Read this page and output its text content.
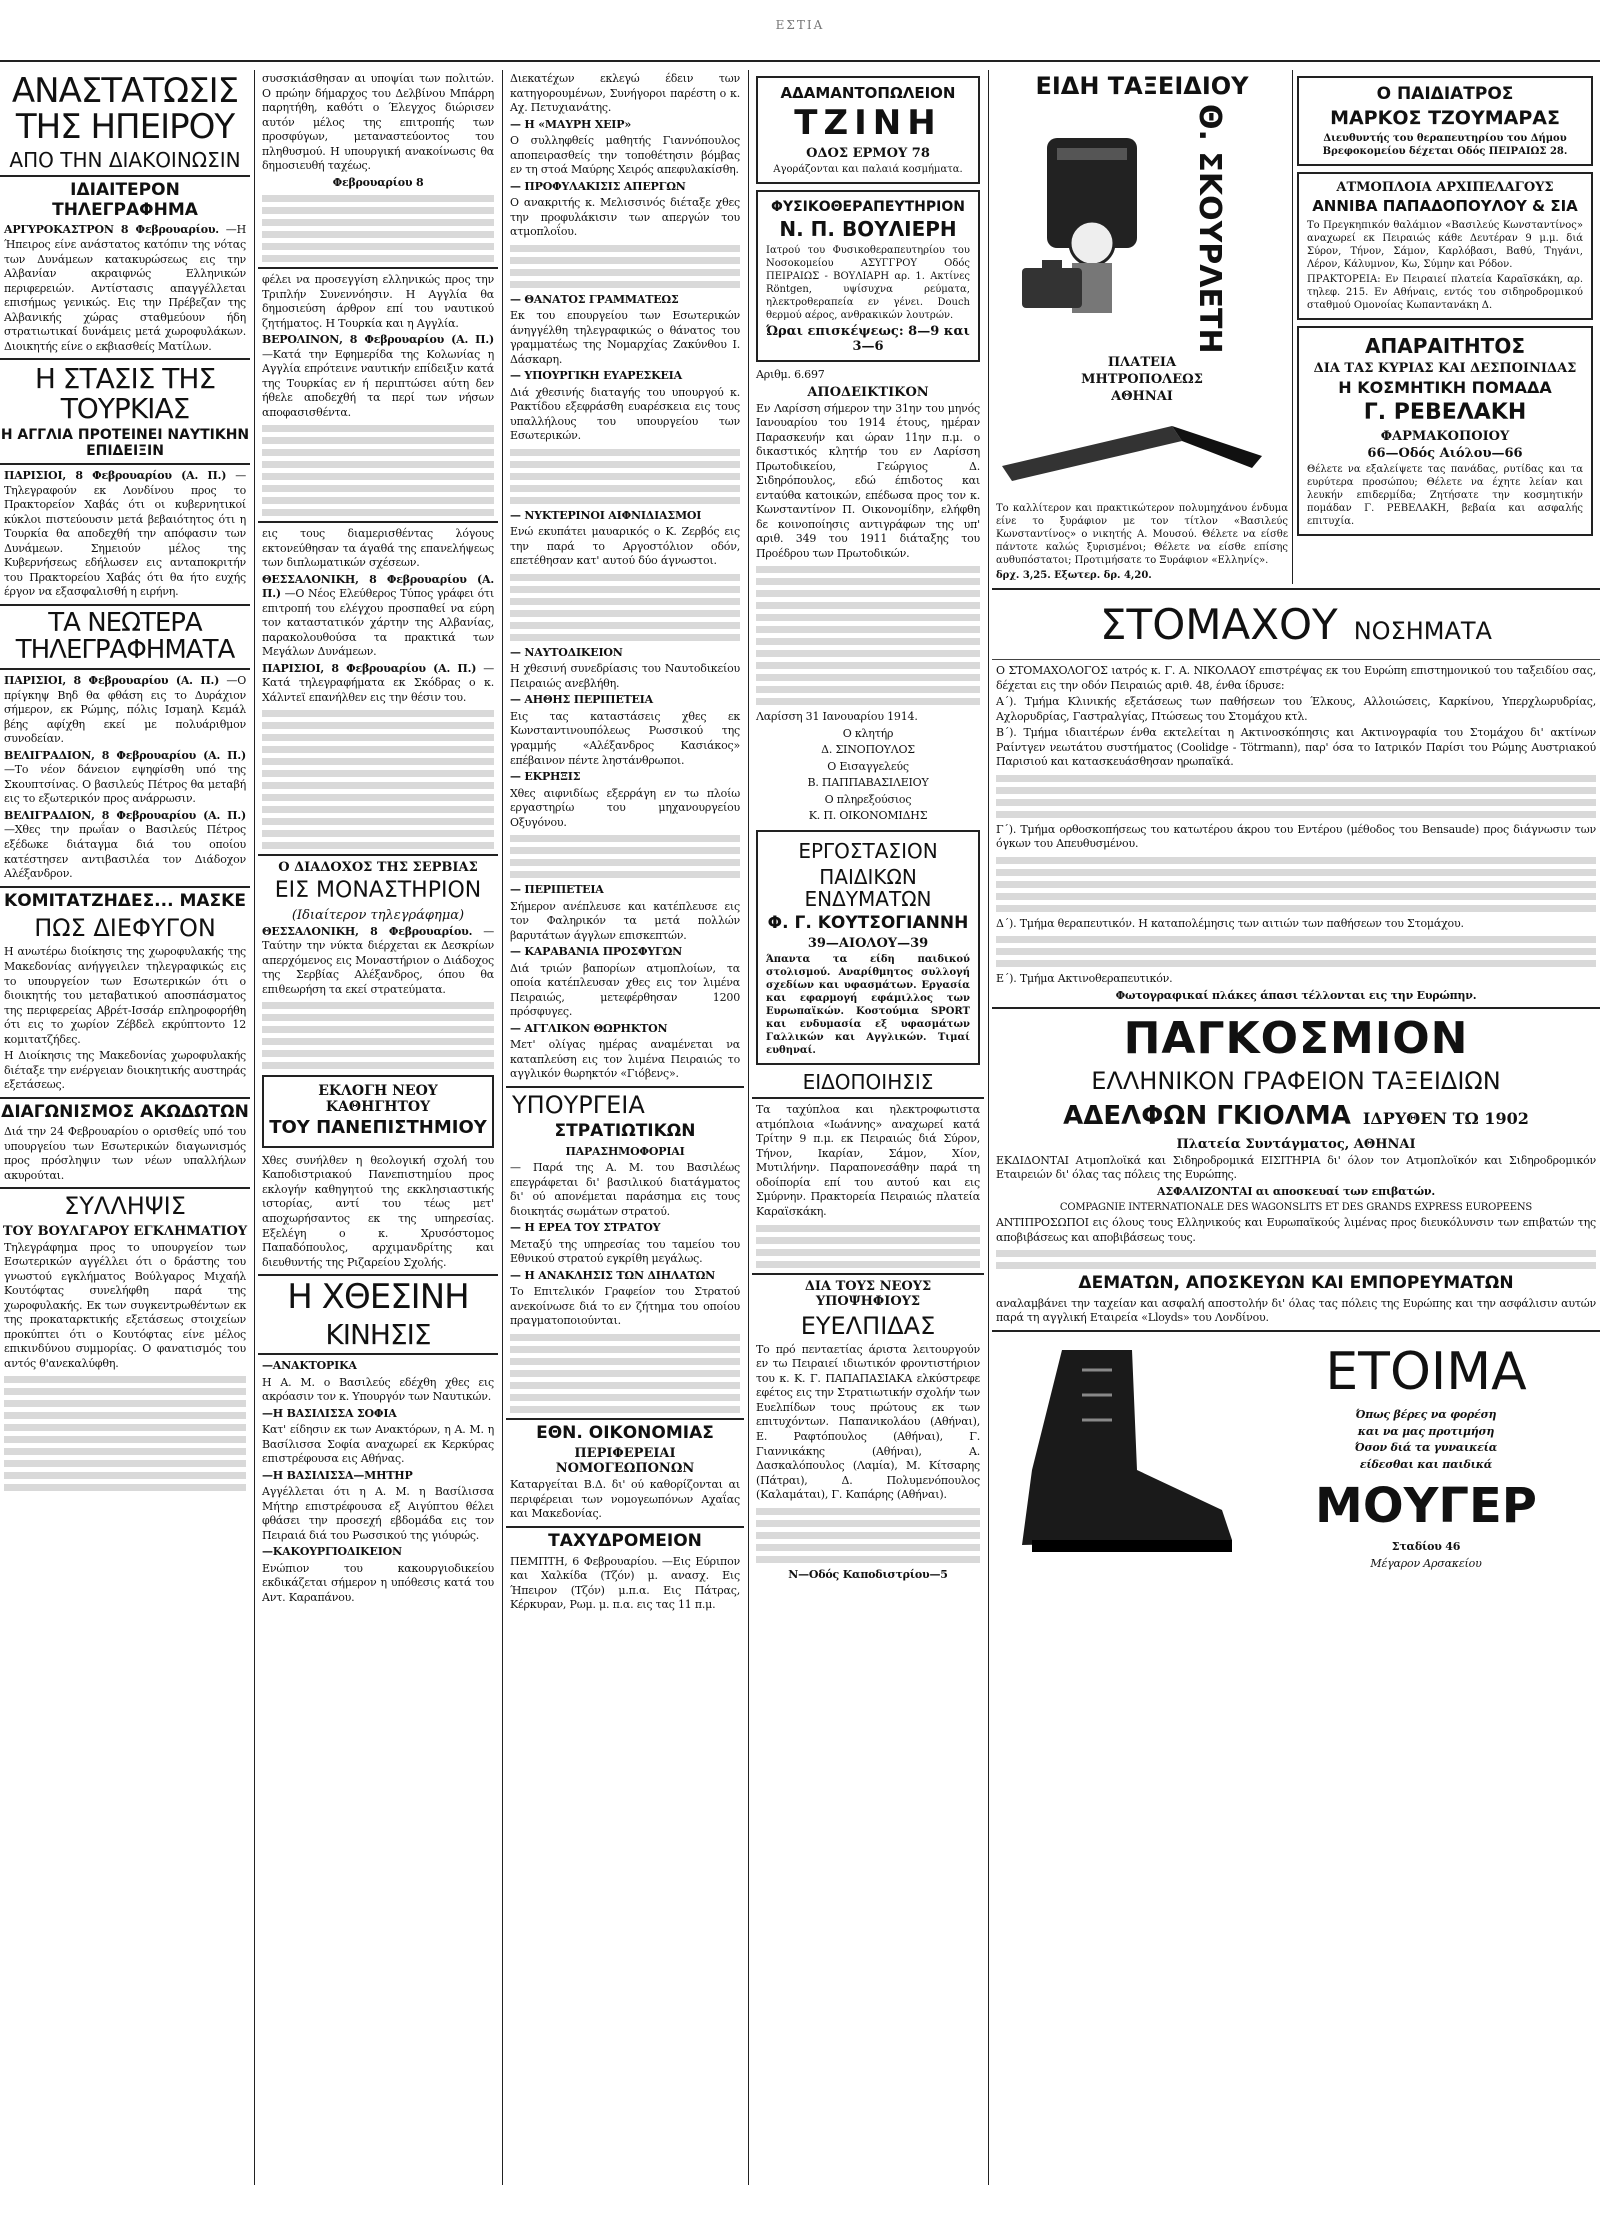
ΕΣΤΙΑ
ΑΝΑΣΤΑΤΩΣΙΣ ΤΗΣ ΗΠΕΙΡΟΥ
ΑΠΟ ΤΗΝ ΔΙΑΚΟΙΝΩΣΙΝ
ΙΔΙΑΙΤΕΡΟΝ ΤΗΛΕΓΡΑΦΗΜΑ

ΑΡΓΥΡΟΚΑΣΤΡΟΝ 8 Φεβρουαρίου. —Η Ήπειρος είνε ανάστατος κατόπιν της νότας των Δυνάμεων κατακυρώσεως εις την Αλβανίαν ακραιφνώς Ελληνικών περιφερειών. Αντίστασις απαγγέλλεται επισήμως γενικώς. Εις την Πρέβεζαν της Αλβανικής χώρας σταθμεύουν ήδη στρατιωτικαί δυνάμεις μετά χωροφυλάκων. Διοικητής είνε ο εκβιασθείς Ματίλων.

Η ΣΤΑΣΙΣ ΤΗΣ ΤΟΥΡΚΙΑΣ
Η ΑΓΓΛΙΑ ΠΡΟΤΕΙΝΕΙ ΝΑΥΤΙΚΗΝ ΕΠΙΔΕΙΞΙΝ

ΠΑΡΙΣΙΟΙ, 8 Φεβρουαρίου (Α. Π.) — Τηλεγραφούν εκ Λονδίνου προς το Πρακτορείον Χαβάς ότι οι κυβερνητικοί κύκλοι πιστεύουσιν μετά βεβαιότητος ότι η Τουρκία θα αποδεχθή την απόφασιν των Δυνάμεων. Σημειούν μέλος της Κυβερνήσεως εδήλωσεν εις ανταποκριτήν του Πρακτορείου Χαβάς ότι θα ήτο ευχής έργον να εξασφαλισθή η ειρήνη.

ΤΑ ΝΕΩΤΕΡΑ ΤΗΛΕΓΡΑΦΗΜΑΤΑ

ΠΑΡΙΣΙΟΙ, 8 Φεβρουαρίου (Α. Π.) —Ο πρίγκηψ Βηδ θα φθάση εις το Δυράχιον σήμερον, εκ Ρώμης, πόλις Ισμαηλ Κεμάλ βέης αφίχθη εκεί με πολυάριθμον συνοδείαν.

ΒΕΛΙΓΡΑΔΙΟΝ, 8 Φεβρουαρίου (Α. Π.) —Το νέον δάνειον εψηφίσθη υπό της Σκουπτσίνας. Ο βασιλεύς Πέτρος θα μεταβή εις το εξωτερικόν προς ανάρρωσιν.

ΒΕΛΙΓΡΑΔΙΟΝ, 8 Φεβρουαρίου (Α. Π.) —Χθες την πρωΐαν ο Βασιλεύς Πέτρος εξέδωκε διάταγμα διά του οποίου κατέστησεν αντιβασιλέα τον Διάδοχον Αλέξανδρον.

ΚΟΜΙΤΑΤΖΗΔΕΣ... ΜΑΣΚΕ
ΠΩΣ ΔΙΕΦΥΓΟΝ

Η ανωτέρω διοίκησις της χωροφυλακής της Μακεδονίας ανήγγειλεν τηλεγραφικώς εις το υπουργείον των Εσωτερικών ότι ο διοικητής του μεταβατικού αποσπάσματος της περιφερείας Αβρέτ-Ισσάρ επληροφορήθη ότι εις το χωρίον Ζέβδελ εκρύπτοντο 12 κομιτατζήδες.

Η Διοίκησις της Μακεδονίας χωροφυλακής διέταξε την ενέργειαν διοικητικής αυστηράς εξετάσεως.

ΔΙΑΓΩΝΙΣΜΟΣ ΑΚΩΔΩΤΩΝ

Διά την 24 Φεβρουαρίου ο ορισθείς υπό του υπουργείου των Εσωτερικών διαγωνισμός προς πρόσληψιν των νέων υπαλλήλων ακυρούται.

ΣΥΛΛΗΨΙΣ
ΤΟΥ ΒΟΥΛΓΑΡΟΥ ΕΓΚΛΗΜΑΤΙΟΥ

Τηλεγράφημα προς το υπουργείον των Εσωτερικών αγγέλλει ότι ο δράστης του γνωστού εγκλήματος Βούλγαρος Μιχαήλ Κουτόφτας συνελήφθη παρά της χωροφυλακής. Εκ των συγκεντρωθέντων εκ της προκαταρκτικής εξετάσεως στοιχείων προκύπτει ότι ο Κουτόφτας είνε μέλος επικινδύνου συμμορίας. Ο φανατισμός του αντός θ'ανεκαλύφθη.

συσσκιάσθησαν αι υποψίαι των πολιτών. Ο πρώην δήμαρχος του Δελβίνου Μπάρρη παρητήθη, καθότι ο Έλεγχος διώρισεν αυτόν μέλος της επιτροπής των προσφύγων, μεταναστεύοντος του πληθυσμού. Η υπουργική ανακοίνωσις θα δημοσιευθή ταχέως.

Φεβρουαρίου 8

φέλει να προσεγγίση ελληνικώς προς την Τριπλήν Συνεννόησιν. Η Αγγλία θα δημοσιεύση άρθρον επί του ναυτικού ζητήματος. Η Τουρκία και η Αγγλία.

ΒΕΡΟΛΙΝΟΝ, 8 Φεβρουαρίου (Α. Π.) —Κατά την Εφημερίδα της Κολωνίας η Αγγλία επρότεινε ναυτικήν επίδειξιν κατά της Τουρκίας εν ή περιπτώσει αύτη δεν ήθελε αποδεχθή τα περί των νήσων αποφασισθέντα.

εις τους διαμερισθέντας λόγους εκτονεύθησαν τα άγαθά της επανελήψεως των διπλωματικών σχέσεων.

ΘΕΣΣΑΛΟΝΙΚΗ, 8 Φεβρουαρίου (Α. Π.) —Ο Νέος Ελεύθερος Τύπος γράφει ότι επιτροπή του ελέγχου προσπαθεί να εύρη τον καταστατικόν χάρτην της Αλβανίας, παρακολουθούσα τα πρακτικά των Μεγάλων Δυνάμεων.

ΠΑΡΙΣΙΟΙ, 8 Φεβρουαρίου (Α. Π.) —Κατά τηλεγραφήματα εκ Σκόδρας ο κ. Χάλντεϊ επανήλθεν εις την θέσιν του.

Ο ΔΙΑΔΟΧΟΣ ΤΗΣ ΣΕΡΒΙΑΣ
ΕΙΣ ΜΟΝΑΣΤΗΡΙΟΝ
(Ιδιαίτερον τηλεγράφημα)

ΘΕΣΣΑΛΟΝΙΚΗ, 8 Φεβρουαρίου. —Ταύτην την νύκτα διέρχεται εκ Δεσκρίων απερχόμενος εις Μοναστήριον ο Διάδοχος της Σερβίας Αλέξανδρος, όπου θα επιθεωρήση τα εκεί στρατεύματα.

ΕΚΛΟΓΗ ΝΕΟΥ ΚΑΘΗΓΗΤΟΥ
ΤΟΥ ΠΑΝΕΠΙΣΤΗΜΙΟΥ

Χθες συνήλθεν η θεολογική σχολή του Καποδιστριακού Πανεπιστημίου προς εκλογήν καθηγητού της εκκλησιαστικής ιστορίας, αντί του τέως μετ' αποχωρήσαντος εκ της υπηρεσίας. Εξελέγη ο κ. Χρυσόστομος Παπαδόπουλος, αρχιμανδρίτης και διευθυντής της Ριζαρείου Σχολής.

Η ΧΘΕΣΙΝΗ
ΚΙΝΗΣΙΣ

—ΑΝΑΚΤΟΡΙΚΑ

Η Α. Μ. ο Βασιλεύς εδέχθη χθες εις ακρόασιν τον κ. Υπουργόν των Ναυτικών.

—Η ΒΑΣΙΛΙΣΣΑ ΣΟΦΙΑ

Κατ' είδησιν εκ των Ανακτόρων, η Α. Μ. η Βασίλισσα Σοφία αναχωρεί εκ Κερκύρας επιστρέφουσα εις Αθήνας.

—Η ΒΑΣΙΛΙΣΣΑ—ΜΗΤΗΡ

Αγγέλλεται ότι η Α. Μ. η Βασίλισσα Μήτηρ επιστρέφουσα εξ Αιγύπτου θέλει φθάσει την προσεχή εβδομάδα εις τον Πειραιά διά του Ρωσσικού της γιόυρώς.

—ΚΑΚΟΥΡΓΙΟΔΙΚΕΙΟΝ

Ενώπιον του κακουργιοδικείου εκδικάζεται σήμερον η υπόθεσις κατά του Αντ. Καραπάνου.

Διεκατέχων εκλεγώ έδειν των κατηγορουμένων, Συνήγοροι παρέστη ο κ. Αχ. Πετυχιανάτης.

— Η «ΜΑΥΡΗ ΧΕΙΡ»

Ο συλληφθείς μαθητής Γιαννόπουλος αποπειρασθείς την τοποθέτησιν βόμβας εν τη στοά Μαύρης Χειρός απεφυλακίσθη.

— ΠΡΟΦΥΛΑΚΙΣΙΣ ΑΠΕΡΓΩΝ

Ο ανακριτής κ. Μελισσινός διέταξε χθες την προφυλάκισιν των απεργών του ατμοπλοΐου.

— ΘΑΝΑΤΟΣ ΓΡΑΜΜΑΤΕΩΣ

Εκ του επουργείου των Εσωτερικών άνηγγέλθη τηλεγραφικώς ο θάνατος του γραμματέως της Νομαρχίας Ζακύνθου Ι. Δάσκαρη.

— ΥΠΟΥΡΓΙΚΗ ΕΥΑΡΕΣΚΕΙΑ

Διά χθεσινής διαταγής του υπουργού κ. Ρακτίδου εξεφράσθη ευαρέσκεια εις τους υπαλλήλους του υπουργείου των Εσωτερικών.

— ΝΥΚΤΕΡΙΝΟΙ ΑΙΦΝΙΔΙΑΣΜΟΙ

Ενώ εκυπάτει μαυαρικός ο Κ. Ζερβός εις την παρά το Αργοστόλιον οδόν, επετέθησαν κατ' αυτού δύο άγνωστοι.

— ΝΑΥΤΟΔΙΚΕΙΟΝ

Η χθεσινή συνεδρίασις του Ναυτοδικείου Πειραιώς ανεβλήθη.

— ΑΗΘΗΣ ΠΕΡΙΠΕΤΕΙΑ

Εις τας καταστάσεις χθες εκ Κωνσταντινουπόλεως Ρωσσικού της γραμμής «Αλέξανδρος Κασιάκος» επέβαινον πέντε ληστάνθρωποι.

— ΕΚΡΗΞΙΣ

Χθες αιφνιδίως εξερράγη εν τω πλοίω εργαστηρίω του μηχανουργείου Οξυγόνου.

— ΠΕΡΙΠΕΤΕΙΑ

Σήμερον ανέπλευσε και κατέπλευσε εις τον Φαληρικόν τα μετά πολλών βαρυτάτων άγγλων επισκεπτών.

— ΚΑΡΑΒΑΝΙΑ ΠΡΟΣΦΥΓΩΝ

Διά τριών βαπορίων ατμοπλοίων, τα οποία κατέπλευσαν χθες εις τον λιμένα Πειραιώς, μετεφέρθησαν 1200 πρόσφυγες.

— ΑΓΓΛΙΚΟΝ ΘΩΡΗΚΤΟΝ

Μετ' ολίγας ημέρας αναμένεται να καταπλεύση εις τον λιμένα Πειραιώς το αγγλικόν θωρηκτόν «Γιόβενς».

ΥΠΟΥΡΓΕΙΑ
ΣΤΡΑΤΙΩΤΙΚΩΝ

ΠΑΡΑΣΗΜΟΦΟΡΙΑΙ

— Παρά της Α. Μ. του Βασιλέως επεγράφεται δι' βασιλικού διατάγματος δι' ού απονέμεται παράσημα εις τους διοικητάς σωμάτων στρατού.

— Η ΕΡΕΑ ΤΟΥ ΣΤΡΑΤΟΥ

Μεταξύ της υπηρεσίας του ταμείου του Εθνικού στρατού εγκρίθη μεγάλως.

— Η ΑΝΑΚΛΗΣΙΣ ΤΩΝ ΔΙΗΛΑΤΩΝ

Το Επιτελικόν Γραφείον του Στρατού ανεκοίνωσε διά το εν ζήτημα του οποίου πραγματοποιούνται.

ΕΘΝ. ΟΙΚΟΝΟΜΙΑΣ
ΠΕΡΙΦΕΡΕΙΑΙ ΝΟΜΟΓΕΩΠΟΝΩΝ

Καταργείται Β.Δ. δι' ού καθορίζονται αι περιφέρειαι των νομογεωπόνων Αχαΐας και Μακεδονίας.

ΤΑΧΥΔΡΟΜΕΙΟΝ

ΠΕΜΠΤΗ, 6 Φεβρουαρίου. —Εις Εύριπον και Χαλκίδα (Τζόν) μ. ανασχ. Εις Ήπειρον (Τζόν) μ.π.α. Εις Πάτρας, Κέρκυραν, Ρωμ. μ. π.α. εις τας 11 π.μ.

ΑΔΑΜΑΝΤΟΠΩΛΕΙΟΝ
ΤΖΙΝΗ
ΟΔΟΣ ΕΡΜΟΥ 78
Αγοράζονται και παλαιά κοσμήματα.
ΦΥΣΙΚΟΘΕΡΑΠΕΥΤΗΡΙΟΝ
Ν. Π. ΒΟΥΛΙΕΡΗ
Ιατρού του Φυσικοθεραπευτηρίου του Νοσοκομείου ΑΣΥΓΓΡΟΥ Οδός ΠΕΙΡΑΙΩΣ - ΒΟΥΛΙΑΡΗ αρ. 1. Ακτίνες Röntgen, υψίσυχνα ρεύματα, ηλεκτροθεραπεία εν γένει. Douch θερμού αέρος, ανθρακικών λουτρών.
Ώραι επισκέψεως: 8—9 και 3—6

Αριθμ. 6.697

ΑΠΟΔΕΙΚΤΙΚΟΝ

Εν Λαρίσση σήμερον την 31ην του μηνός Ιανουαρίου του 1914 έτους, ημέραν Παρασκευήν και ώραν 11ην π.μ. ο δικαστικός κλητήρ του εν Λαρίσση Πρωτοδικείου, Γεώργιος Δ. Σιδηρόπουλος, εδώ έπιδοτος και ενταύθα κατοικών, επέδωσα προς τον κ. Κωνσταντίνον Π. Οικονομίδην, ελήφθη δε κοινοποίησις αντιγράφων της υπ' αριθ. 349 του 1911 διάταξης του Προέδρου των Πρωτοδικών.

Λαρίσση 31 Ιανουαρίου 1914.

Ο κλητήρ

Δ. ΣΙΝΟΠΟΥΛΟΣ

Ο Εισαγγελεύς

Β. ΠΑΠΠΑΒΑΣΙΛΕΙΟΥ

Ο πληρεξούσιος

Κ. Π. ΟΙΚΟΝΟΜΙΔΗΣ

ΕΡΓΟΣΤΑΣΙΟΝ
ΠΑΙΔΙΚΩΝ ΕΝΔΥΜΑΤΩΝ
Φ. Γ. ΚΟΥΤΣΟΓΙΑΝΝΗ
39—ΑΙΟΛΟΥ—39
Άπαντα τα είδη παιδικού στολισμού. Αναρίθμητος συλλογή σχεδίων και υφασμάτων. Εργασία και εφαρμογή εφάμιλλος των Ευρωπαϊκών. Κοστούμια SPORT και ενδυμασία εξ υφασμάτων Γαλλικών και Αγγλικών. Τιμαί ευθηναί.
ΕΙΔΟΠΟΙΗΣΙΣ

Τα ταχύπλοα και ηλεκτροφωτιστα ατμόπλοια «Ιωάννης» αναχωρεί κατά Τρίτην 9 π.μ. εκ Πειραιώς διά Σύρον, Τήνον, Ικαρίαν, Σάμον, Χίον, Μυτιλήνην. Παραπονεσάθην παρά τη οδοίπορία επί του αυτού και εις Σμύρνην. Πρακτορεία Πειραιώς πλατεία Καραϊσκάκη.

ΔΙΑ ΤΟΥΣ ΝΕΟΥΣ ΥΠΟΨΗΦΙΟΥΣ
ΕΥΕΛΠΙΔΑΣ

Το πρό πενταετίας άριστα λειτουργούν εν τω Πειραιεί ιδιωτικόν φροντιστήριον του κ. Κ. Γ. ΠΑΠΑΠΑΣΙΑΚΑ ελκύστρεφε εφέτος εις την Στρατιωτικήν σχολήν των Ευελπίδων τους πρώτους εκ των επιτυχόντων. Παπανικολάου (Αθήναι), Ε. Ραφτόπουλος (Αθήναι), Γ. Γιαννικάκης (Αθήναι), Α. Δασκαλόπουλος (Λαμία), Μ. Κίτσαρης (Πάτραι), Δ. Πολυμενόπουλος (Καλαμάται), Γ. Καπάρης (Αθήναι).

Ν—Οδός Καποδιστρίου—5

ΕΙΔΗ ΤΑΞΕΙΔΙΟΥ
Θ. ΣΚΟΥΡΛΕΤΗ
ΠΛΑΤΕΙΑ
ΜΗΤΡΟΠΟΛΕΩΣ
ΑΘΗΝΑΙ

Το καλλίτερον και πρακτικώτερον πολυμηχάνου ένδυμα είνε το ξυράφιον με τον τίτλον «Βασιλεύς Κωνσταντίνος» ο νικητής Α. Μουσού. Θέλετε να είσθε πάντοτε καλώς ξυρισμένοι; Θέλετε να είσθε επίσης αυθυπόστατοι; Προτιμήσατε το Ξυράφιον «Ελληνίς».

δρχ. 3,25. Εξωτερ. δρ. 4,20.

Ο ΠΑΙΔΙΑΤΡΟΣ
ΜΑΡΚΟΣ ΤΖΟΥΜΑΡΑΣ
Διευθυντής του θεραπευτηρίου του Δήμου Βρεφοκομείου δέχεται Οδός ΠΕΙΡΑΙΩΣ 28.
ΑΤΜΟΠΛΟΙΑ ΑΡΧΙΠΕΛΑΓΟΥΣ
ΑΝΝΙΒΑ ΠΑΠΑΔΟΠΟΥΛΟΥ & ΣΙΑ
Το Πρεγκηπικόν θαλάμιον «Βασιλεύς Κωνσταντίνος» αναχωρεί εκ Πειραιώς κάθε Δευτέραν 9 μ.μ. διά Σύρον, Τήνον, Σάμον, Καρλόβασι, Βαθύ, Τηγάνι, Λέρον, Κάλυμνον, Κω, Σύμην και Ρόδον.
ΠΡΑΚΤΟΡΕΙΑ: Εν Πειραιεί πλατεία Καραϊσκάκη, αρ. τηλεφ. 215. Εν Αθήναις, εντός του σιδηροδρομικού σταθμού Ομονοίας Κωπαντανάκη Δ.
ΑΠΑΡΑΙΤΗΤΟΣ
ΔΙΑ ΤΑΣ ΚΥΡΙΑΣ ΚΑΙ ΔΕΣΠΟΙΝΙΔΑΣ
Η ΚΟΣΜΗΤΙΚΗ ΠΟΜΑΔΑ
Γ. ΡΕΒΕΛΑΚΗ
ΦΑΡΜΑΚΟΠΟΙΟΥ
66—Οδός Αιόλου—66
Θέλετε να εξαλείψετε τας πανάδας, ρυτίδας και τα ευρύτερα προσώπου; Θέλετε να έχητε λείαν και λευκήν επιδερμίδα; Ζητήσατε την κοσμητικήν πομάδαν Γ. ΡΕΒΕΛΑΚΗ, βεβαία και ασφαλής επιτυχία.
ΣΤΟΜΑΧΟΥ ΝΟΣΗΜΑΤΑ

Ο ΣΤΟΜΑΧΟΛΟΓΟΣ ιατρός κ. Γ. Α. ΝΙΚΟΛΑΟΥ επιστρέψας εκ του Ευρώπη επιστημονικού του ταξειδίου σας, δέχεται εις την οδόν Πειραιώς αριθ. 48, ένθα ίδρυσε:

Α΄). Τμήμα Κλινικής εξετάσεως των παθήσεων του Έλκους, Αλλοιώσεις, Καρκίνου, Υπερχλωρυδρίας, Αχλορυδρίας, Γαστραλγίας, Πτώσεως του Στομάχου κτλ.

Β΄). Τμήμα ιδιαιτέρων ένθα εκτελείται η Ακτινοσκόπησις και Ακτινογραφία του Στομάχου δι' ακτίνων Ραίντγεν νεωτάτου συστήματος (Coolidge - Tötrmann), παρ' όσα το Ιατρικόν Παρίσι του Ρώμης Αυστριακού Παρισιού και κατασκευάσθησαν ηρωπαϊκά.

Γ΄). Τμήμα ορθοσκοπήσεως του κατωτέρου άκρου του Εντέρου (μέθοδος του Bensaude) προς διάγνωσιν των όγκων του Απευθυσμένου.

Δ΄). Τμήμα θεραπευτικόν. Η καταπολέμησις των αιτιών των παθήσεων του Στομάχου.

Ε΄). Τμήμα Ακτινοθεραπευτικόν.

Φωτογραφικαί πλάκες άπασι τέλλονται εις την Ευρώπην.

ΠΑΓΚΟΣΜΙΟΝ
ΕΛΛΗΝΙΚΟΝ ΓΡΑΦΕΙΟΝ ΤΑΞΕΙΔΙΩΝ
ΑΔΕΛΦΩΝ ΓΚΙΟΛΜΑ ΙΔΡΥΘΕΝ ΤΩ 1902
Πλατεία Συντάγματος, ΑΘΗΝΑΙ

ΕΚΔΙΔΟΝΤΑΙ Ατμοπλοϊκά και Σιδηροδρομικά ΕΙΣΙΤΗΡΙΑ δι' όλον τον Ατμοπλοϊκόν και Σιδηροδρομικόν Εταιρειών δι' όλας τας πόλεις της Ευρώπης.

ΑΣΦΑΛΙΖΟΝΤΑΙ αι αποσκευαί των επιβατών.

COMPAGNIE INTERNATIONALE DES WAGONSLITS ET DES GRANDS EXPRESS EUROPEENS

ΑΝΤΙΠΡΟΣΩΠΟΙ εις όλους τους Ελληνικούς και Ευρωπαϊκούς λιμένας προς διευκόλυνσιν των επιβατών της αποβιβάσεως και αποβιβάσεως τους.

ΔΕΜΑΤΩΝ, ΑΠΟΣΚΕΥΩΝ ΚΑΙ ΕΜΠΟΡΕΥΜΑΤΩΝ

αναλαμβάνει την ταχείαν και ασφαλή αποστολήν δι' όλας τας πόλεις της Ευρώπης και την ασφάλισιν αυτών παρά τη αγγλική Εταιρεία «Lloyds» του Λονδίνου.

ΕΤΟΙΜΑ

Όπως βέρες να φορέση

και να μας προτιμήση

Όσον διά τα γυναικεία

είδεσθαι και παιδικά

ΜΟΥΓΕΡ

Σταδίου 46

Μέγαρον Αρσακείου
